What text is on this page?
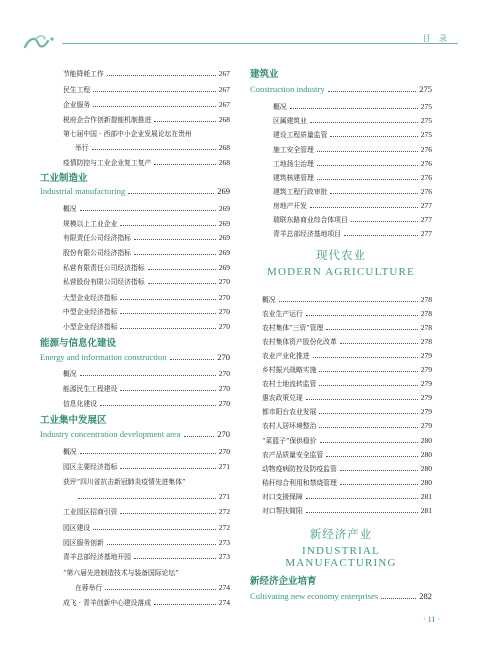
目 录
节能降耗工作	267
民生工程	267
企业服务	267
税府企合作创新提能机制推进	268
第七届中国 · 西部中小企业发展论坛在贵州
举行	268
疫情防控与工业企业复工复产	268
工业制造业
Industrial manufacturing	269
概况	269
规模以上工业企业	269
有限责任公司经济指标	269
股份有限公司经济指标	269
私营有限责任公司经济指标	269
私营股份有限公司经济指标	270
大型企业经济指标	270
中型企业经济指标	270
小型企业经济指标	270
能源与信息化建设
Energy and information construction	270
概况	270
能源民生工程建设	270
信息化建设	270
工业集中发展区
Industry concentration development area	270
概况	270
园区主要经济指标	271
获评“四川省抗击新冠肺炎疫情先进集体”
271
工业园区招商引资	272
园区建设	272
园区服务创新	273
青羊总部经济基地开园	273
“第六届先进制造技术与装备国际论坛”
在蓉举行	274
成飞 · 青羊创新中心建设落成	274
建筑业
Construction industry	275
概况	275
区属建筑业	275
建设工程质量监管	275
施工安全管理	276
工地扬尘治理	276
建筑核建管理	276
建筑工程行政审批	276
房地产开发	277
瑞联东路商业综合体项目	277
青羊总部经济基地项目	277
现代农业
MODERN AGRICULTURE
概况	278
农业生产运行	278
农村集体“三资”管理	278
农村集体资产股份化改革	278
农业产业化推进	279
乡村振兴战略实施	279
农村土地流转监管	279
惠农政策兑现	279
都市阳台农业发展	279
农村人居环境整治	279
“菜篮子”保供稳价	280
农产品质量安全监管	280
动物疫病防控及防疫监管	280
秸秆综合利用和禁烧管理	280
对口支援保障	281
对口帮扶简阳	281
新经济产业
INDUSTRIAL MANUFACTURING
新经济企业培育
Cultivating new economy enterprises	282
· 11 ·
